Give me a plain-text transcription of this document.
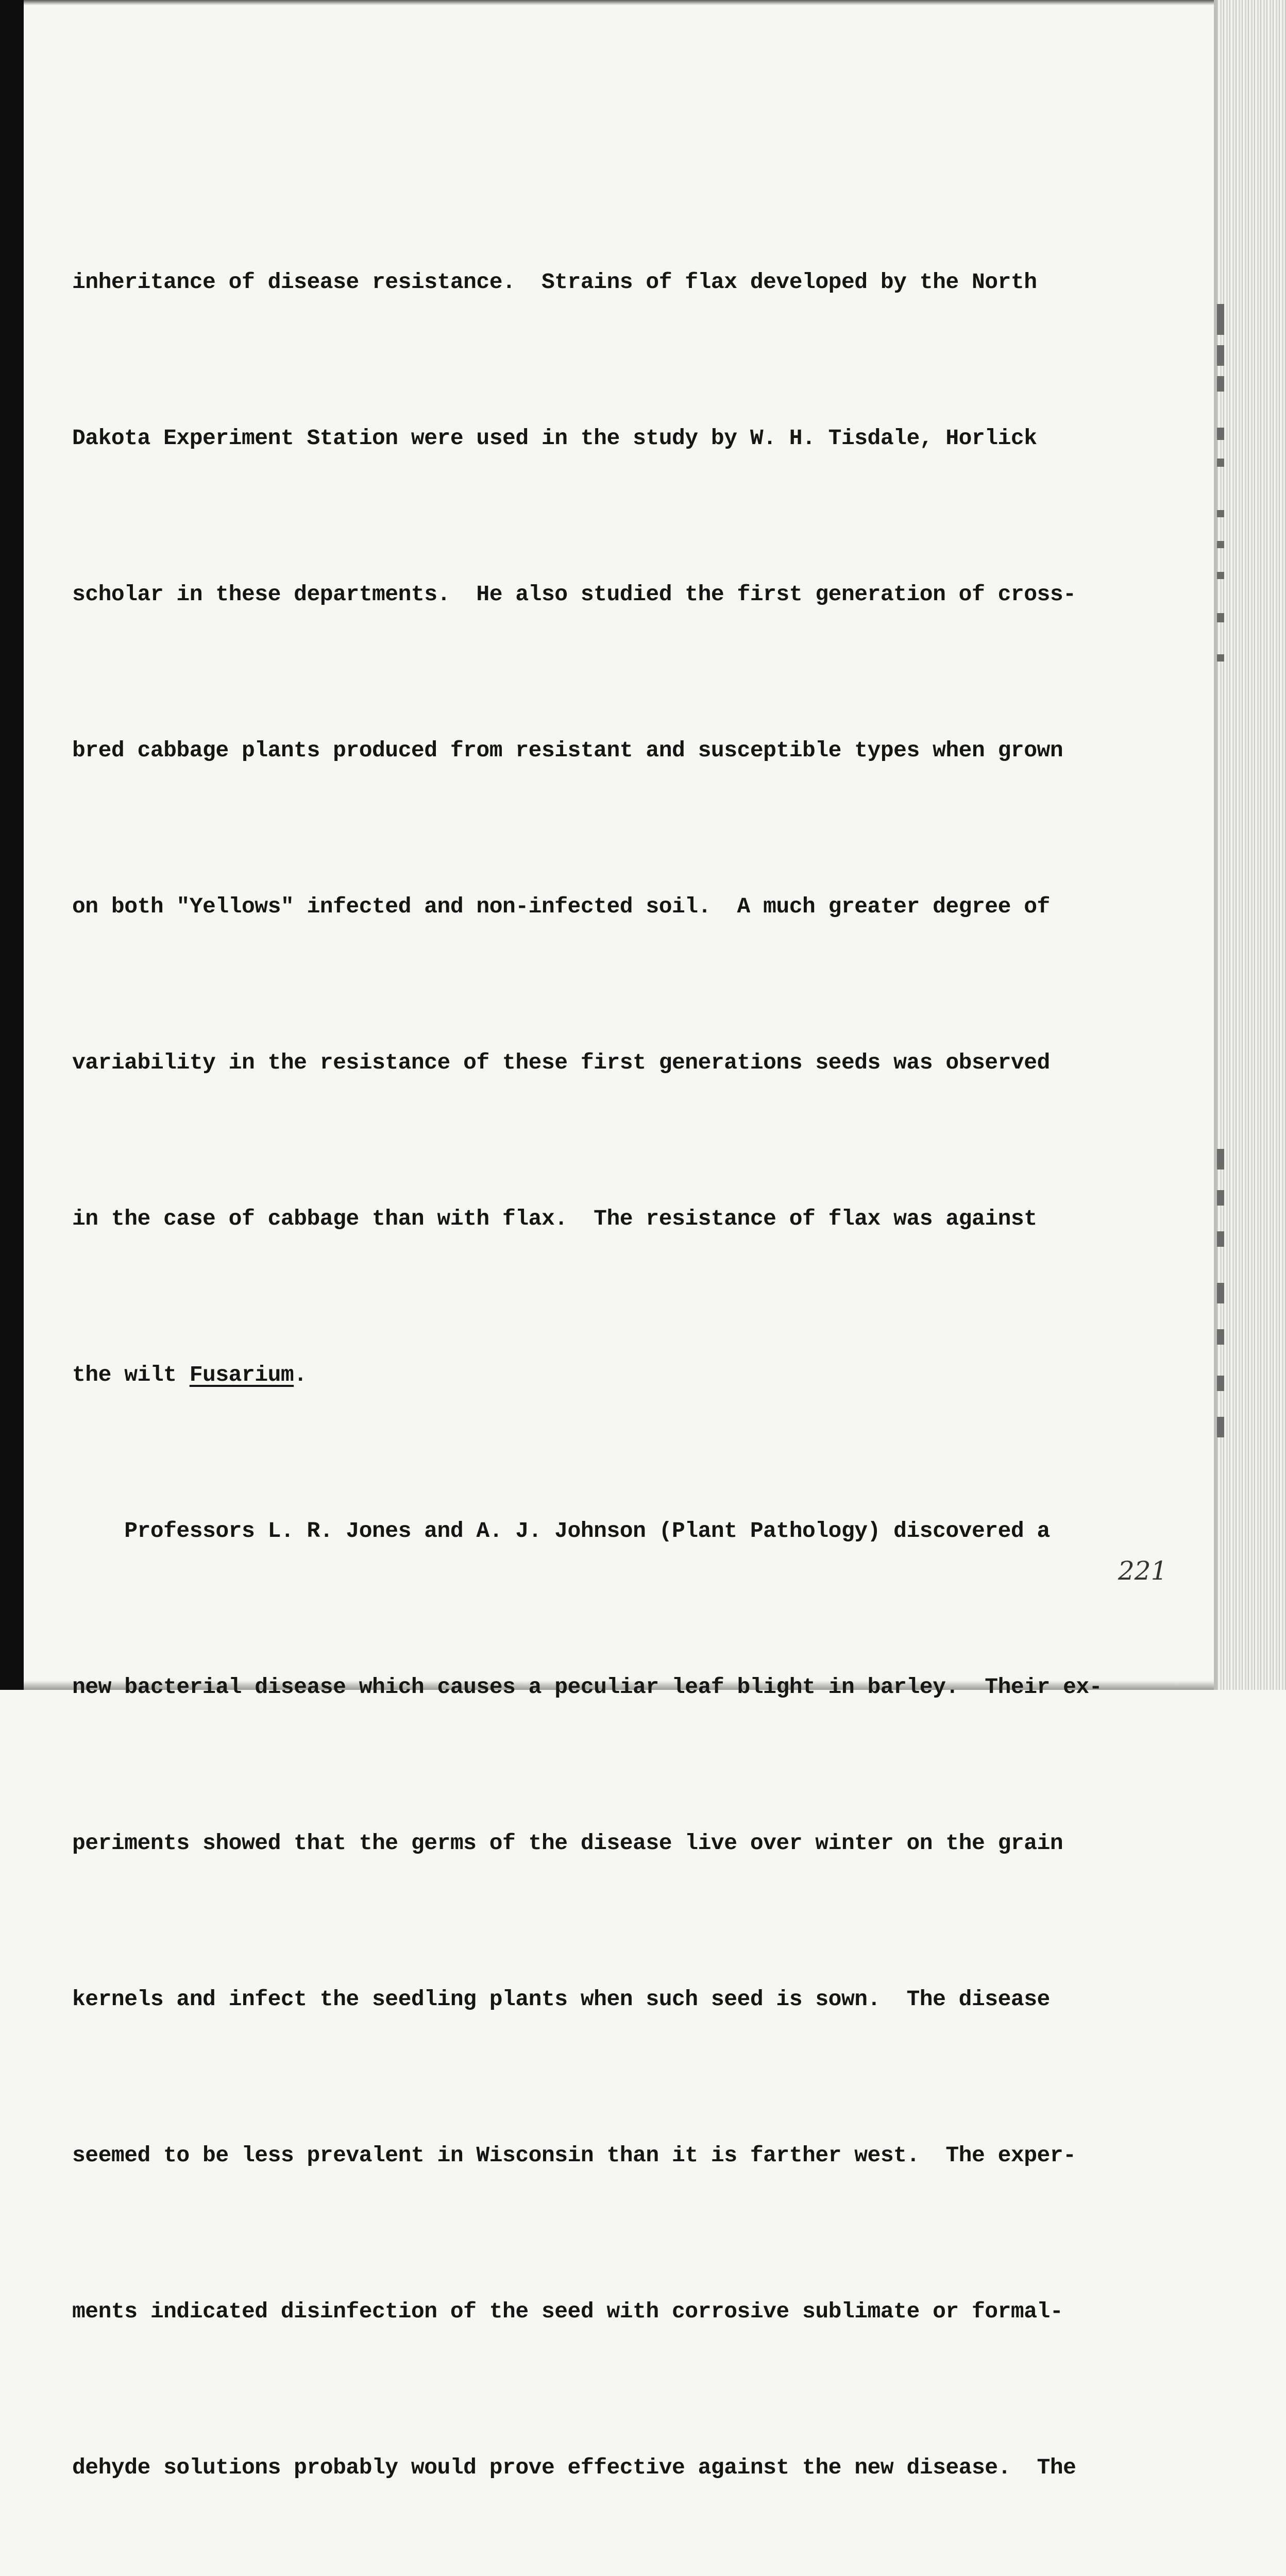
inheritance of disease resistance.  Strains of flax developed by the North

Dakota Experiment Station were used in the study by W. H. Tisdale, Horlick

scholar in these departments.  He also studied the first generation of cross-

bred cabbage plants produced from resistant and susceptible types when grown

on both "Yellows" infected and non-infected soil.  A much greater degree of

variability in the resistance of these first generations seeds was observed

in the case of cabbage than with flax.  The resistance of flax was against

the wilt Fusarium.

Professors L. R. Jones and A. J. Johnson (Plant Pathology) discovered a

new bacterial disease which causes a peculiar leaf blight in barley.  Their ex-

periments showed that the germs of the disease live over winter on the grain

kernels and infect the seedling plants when such seed is sown.  The disease

seemed to be less prevalent in Wisconsin than it is farther west.  The exper-

ments indicated disinfection of the seed with corrosive sublimate or formal-

dehyde solutions probably would prove effective against the new disease.  The

221
